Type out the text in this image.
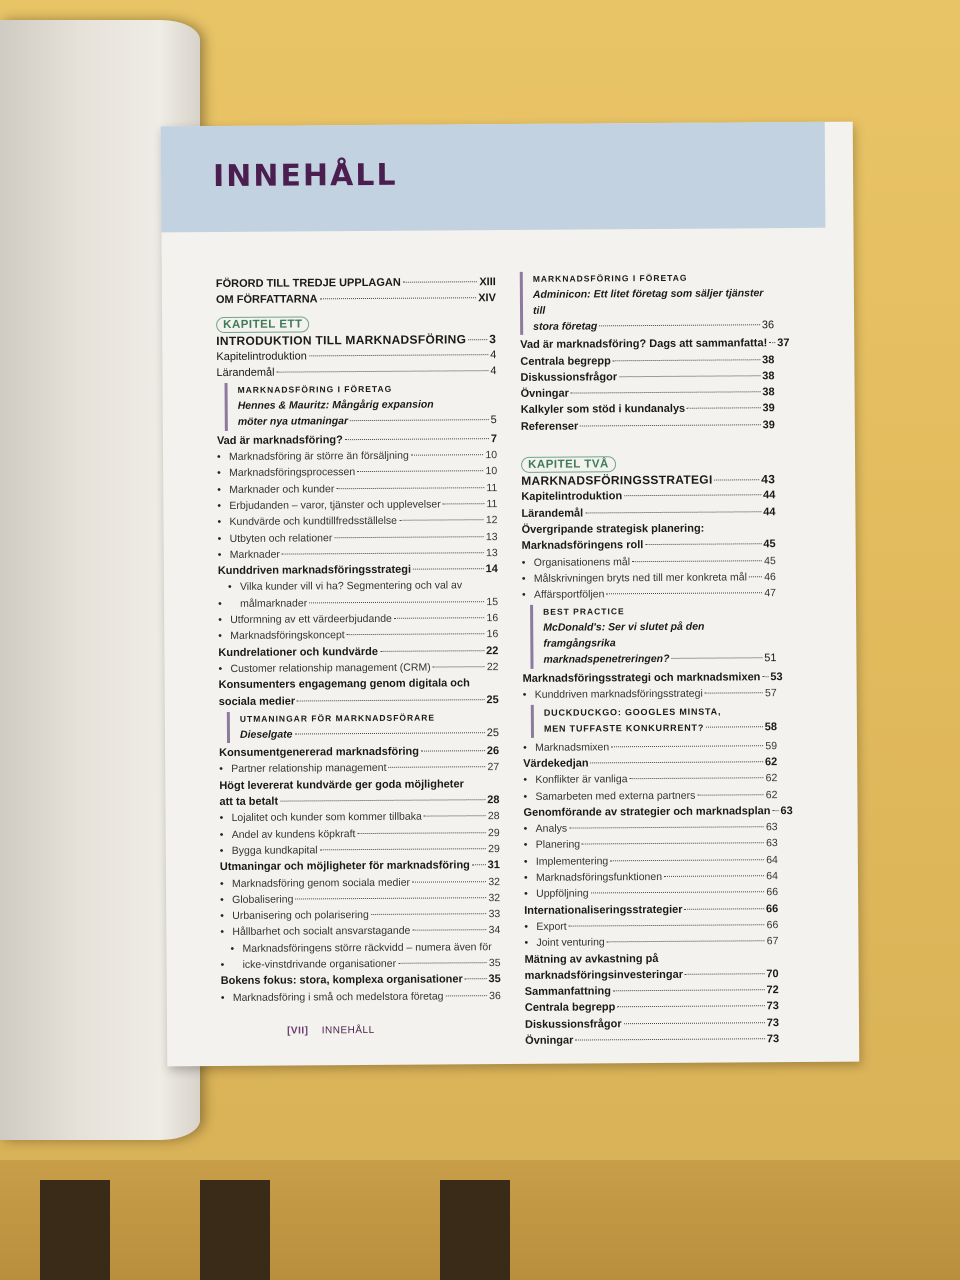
INNEHÅLL
FÖRORD TILL TREDJE UPPLAGAN	XIII
OM FÖRFATTARNA	XIV
KAPITEL ETT
INTRODUKTION TILL MARKNADSFÖRING 3
Kapitelintroduktion	4
Lärandemål	4
MARKNADSFÖRING I FÖRETAG
Hennes & Mauritz: Mångårig expansion
möter nya utmaningar	5
Vad är marknadsföring?	7
• Marknadsföring är större än försäljning	10
• Marknadsföringsprocessen	10
• Marknader och kunder	11
• Erbjudanden – varor, tjänster och upplevelser	11
• Kundvärde och kundtillfredsställelse	12
• Utbyten och relationer	13
• Marknader	13
Kunddriven marknadsföringsstrategi	14
• Vilka kunder vill vi ha? Segmentering och val av
• målmarknader	15
• Utformning av ett värdeerbjudande	16
• Marknadsföringskoncept	16
Kundrelationer och kundvärde	22
• Customer relationship management (CRM)	22
Konsumenters engagemang genom digitala och
sociala medier	25
UTMANINGAR FÖR MARKNADSFÖRARE
Dieselgate	25
Konsumentgenererad marknadsföring	26
• Partner relationship management	27
Högt levererat kundvärde ger goda möjligheter
att ta betalt	28
• Lojalitet och kunder som kommer tillbaka	28
• Andel av kundens köpkraft	29
• Bygga kundkapital	29
Utmaningar och möjligheter för marknadsföring 31
• Marknadsföring genom sociala medier	32
• Globalisering	32
• Urbanisering och polarisering	33
• Hållbarhet och socialt ansvarstagande	34
• Marknadsföringens större räckvidd – numera även för
• icke-vinstdrivande organisationer	35
Bokens fokus: stora, komplexa organisationer 35
• Marknadsföring i små och medelstora företag	36
MARKNADSFÖRING I FÖRETAG
Adminicon: Ett litet företag som säljer tjänster till
stora företag	36
Vad är marknadsföring? Dags att sammanfatta! 37
Centrala begrepp	38
Diskussionsfrågor	38
Övningar	38
Kalkyler som stöd i kundanalys	39
Referenser	39
KAPITEL TVÅ
MARKNADSFÖRINGSSTRATEGI	43
Kapitelintroduktion	44
Lärandemål	44
Övergripande strategisk planering:
Marknadsföringens roll	45
• Organisationens mål	45
• Målskrivningen bryts ned till mer konkreta mål 46
• Affärsportföljen	47
BEST PRACTICE
McDonald's: Ser vi slutet på den framgångsrika
marknadspenetreringen?	51
Marknadsföringsstrategi och marknadsmixen 53
• Kunddriven marknadsföringsstrategi	57
DUCKDUCKGO: GOOGLES MINSTA,
MEN TUFFASTE KONKURRENT?	58
• Marknadsmixen	59
Värdekedjan	62
• Konflikter är vanliga	62
• Samarbeten med externa partners	62
Genomförande av strategier och marknadsplan 63
• Analys	63
• Planering	63
• Implementering	64
• Marknadsföringsfunktionen	64
• Uppföljning	66
Internationaliseringsstrategier	66
• Export	66
• Joint venturing	67
Mätning av avkastning på
marknadsföringsinvesteringar	70
Sammanfattning	72
Centrala begrepp	73
Diskussionsfrågor	73
Övningar	73
[VII] INNEHÅLL
